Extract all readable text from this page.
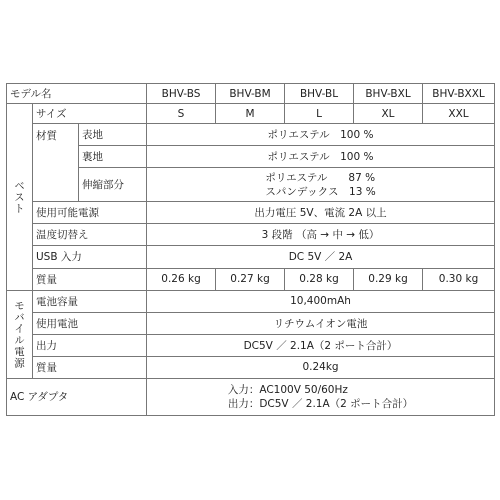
モデル名			BHV-BS	BHV-BM	BHV-BL	BHV-BXL	BHV-BXXL
ベスト	サイズ		S	M	L	XL	XXL
	材質	表地	ポリエステル　100 %				
		裏地	ポリエステル　100 %				
		伸縮部分	ポリエステル　　87 %
スパンデックス　13 %				
	使用可能電源		出力電圧 5V、電流 2A 以上				
	温度切替え		3 段階 （高 → 中 → 低）				
	USB 入力		DC 5V ／ 2A				
	質量		0.26 kg	0.27 kg	0.28 kg	0.29 kg	0.30 kg
モバイル電源	電池容量		10,400mAh				
	使用電池		リチウムイオン電池				
	出力		DC5V ／ 2.1A（2 ポート合計）				
	質量		0.24kg				
AC アダプタ			入力：AC100V 50/60Hz
出力：DC5V ／ 2.1A（2 ポート合計）				
